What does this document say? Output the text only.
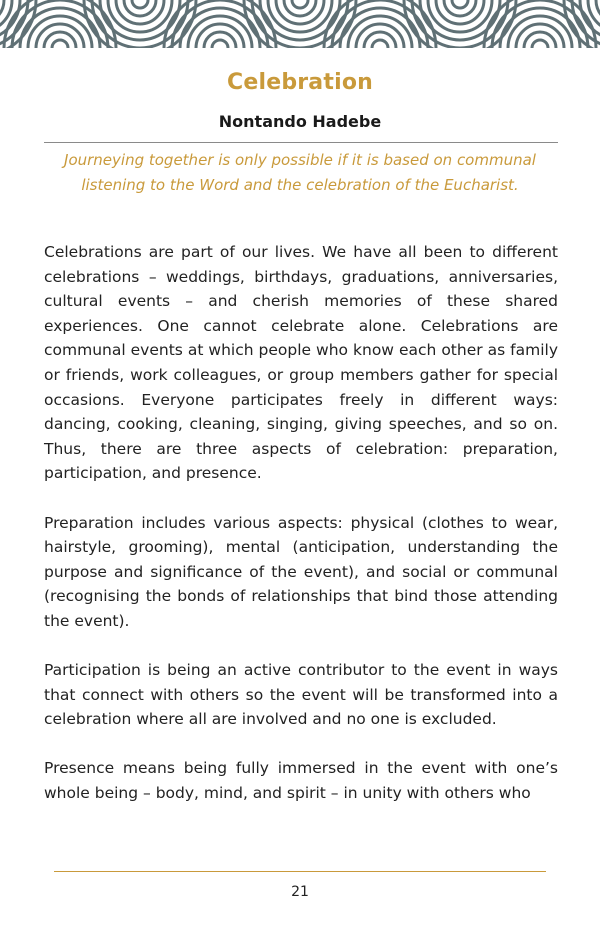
Celebration
Nontando Hadebe
Journeying together is only possible if it is based on communal listening to the Word and the celebration of the Eucharist.

Celebrations are part of our lives. We have all been to different celebrations – weddings, birthdays, graduations, anniversaries, cultural events – and cherish memories of these shared experiences. One cannot celebrate alone. Celebrations are communal events at which people who know each other as family or friends, work colleagues, or group members gather for special occasions. Everyone participates freely in different ways: dancing, cooking, cleaning, singing, giving speeches, and so on. Thus, there are three aspects of celebration: preparation, participation, and presence.

Preparation includes various aspects: physical (clothes to wear, hairstyle, grooming), mental (anticipation, understanding the purpose and significance of the event), and social or communal (recognising the bonds of relationships that bind those attending the event).

Participation is being an active contributor to the event in ways that connect with others so the event will be transformed into a celebration where all are involved and no one is excluded.

Presence means being fully immersed in the event with one’s whole being – body, mind, and spirit – in unity with others who

21
